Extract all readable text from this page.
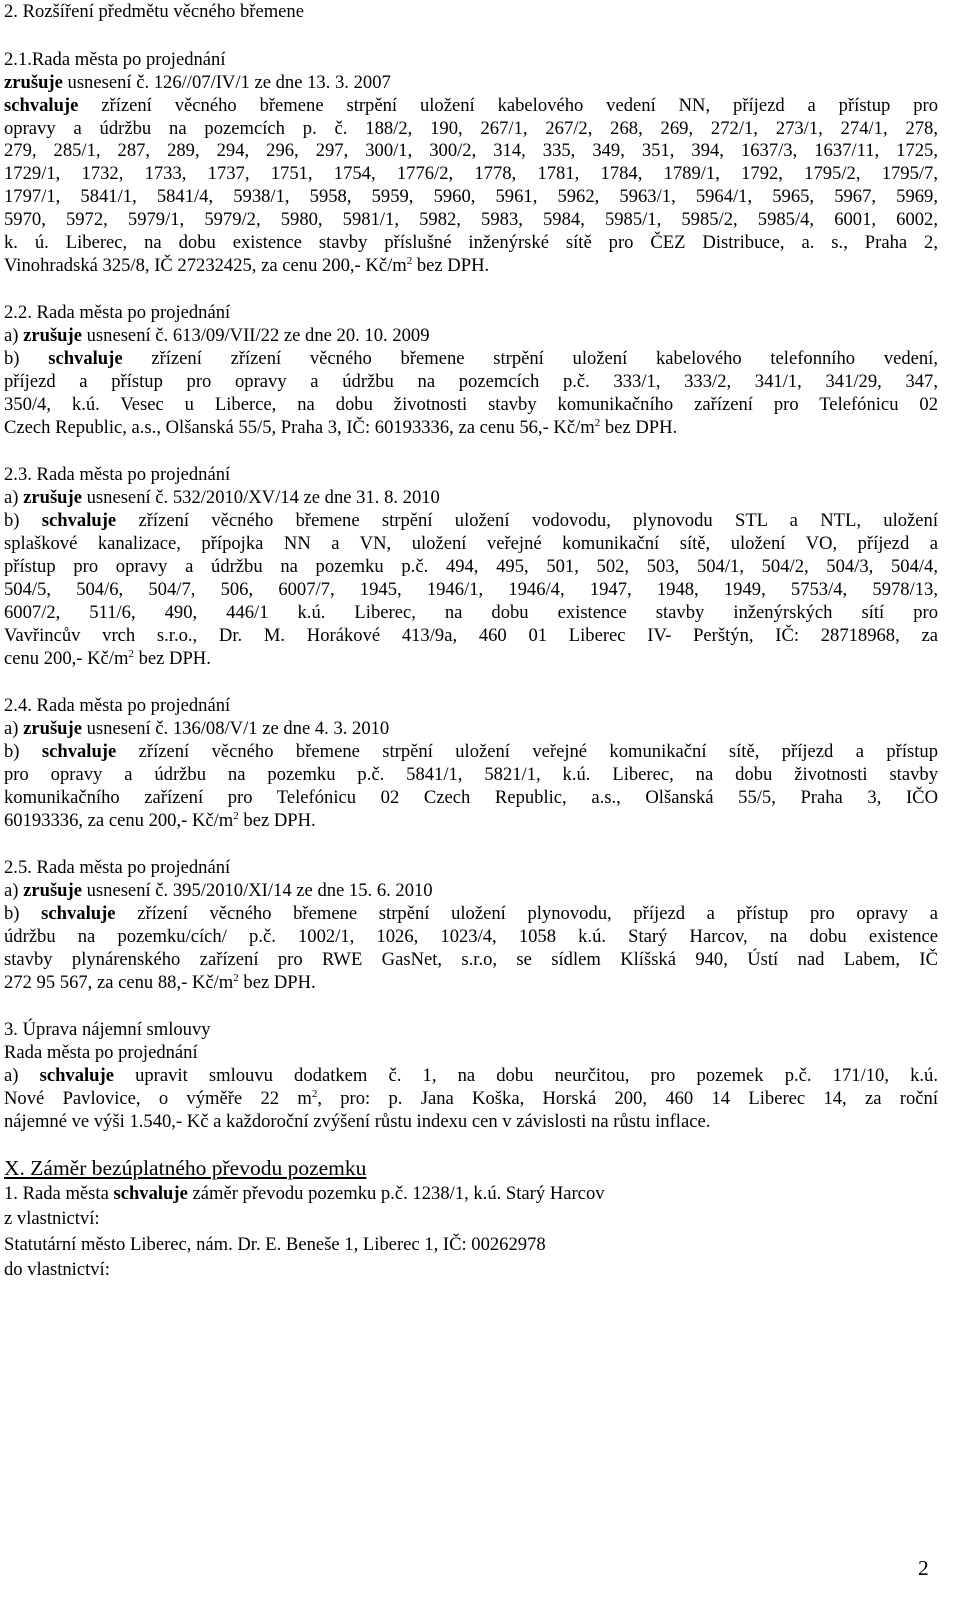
2. Rozšíření předmětu věcného břemene
2.1.Rada města po projednání
zrušuje usnesení č. 126//07/IV/1 ze dne 13. 3. 2007
schvaluje zřízení věcného břemene strpění uložení kabelového vedení NN, příjezd a přístup pro
opravy a údržbu na pozemcích p. č. 188/2, 190, 267/1, 267/2, 268, 269, 272/1, 273/1, 274/1, 278,
279, 285/1, 287, 289, 294, 296, 297, 300/1, 300/2, 314, 335, 349, 351, 394, 1637/3, 1637/11, 1725,
1729/1, 1732, 1733, 1737, 1751, 1754, 1776/2, 1778, 1781, 1784, 1789/1, 1792, 1795/2, 1795/7,
1797/1, 5841/1, 5841/4, 5938/1, 5958, 5959, 5960, 5961, 5962, 5963/1, 5964/1, 5965, 5967, 5969,
5970, 5972, 5979/1, 5979/2, 5980, 5981/1, 5982, 5983, 5984, 5985/1, 5985/2, 5985/4, 6001, 6002,
k. ú. Liberec, na dobu existence stavby příslušné inženýrské sítě pro ČEZ Distribuce, a. s., Praha 2,
Vinohradská 325/8, IČ 27232425, za cenu 200,- $Kč/m^2$ bez DPH.
2.2. Rada města po projednání
a) zrušuje usnesení č. 613/09/VII/22 ze dne 20. 10. 2009
b) schvaluje zřízení zřízení věcného břemene strpění uložení kabelového telefonního vedení,
příjezd a přístup pro opravy a údržbu na pozemcích p.č. 333/1, 333/2, 341/1, 341/29, 347,
350/4, k.ú. Vesec u Liberce, na dobu životnosti stavby komunikačního zařízení pro Telefónicu 02
Czech Republic, a.s., Olšanská 55/5, Praha 3, IČ: 60193336, za cenu 56,- $Kč/m^2$ bez DPH.
2.3. Rada města po projednání
a) zrušuje usnesení č. 532/2010/XV/14 ze dne 31. 8. 2010
b) schvaluje zřízení věcného břemene strpění uložení vodovodu, plynovodu STL a NTL, uložení
splaškové kanalizace, přípojka NN a VN, uložení veřejné komunikační sítě, uložení VO, příjezd a
přístup pro opravy a údržbu na pozemku p.č. 494, 495, 501, 502, 503, 504/1, 504/2, 504/3, 504/4,
504/5, 504/6, 504/7, 506, 6007/7, 1945, 1946/1, 1946/4, 1947, 1948, 1949, 5753/4, 5978/13,
6007/2, 511/6, 490, 446/1 k.ú. Liberec, na dobu existence stavby inženýrských sítí pro
Vavřincův vrch s.r.o., Dr. M. Horákové 413/9a, 460 01 Liberec IV- Perštýn, IČ: 28718968, za
cenu 200,- $Kč/m^2$ bez DPH.
2.4. Rada města po projednání
a) zrušuje usnesení č. 136/08/V/1 ze dne 4. 3. 2010
b) schvaluje zřízení věcného břemene strpění uložení veřejné komunikační sítě, příjezd a přístup
pro opravy a údržbu na pozemku p.č. 5841/1, 5821/1, k.ú. Liberec, na dobu životnosti stavby
komunikačního zařízení pro Telefónicu 02 Czech Republic, a.s., Olšanská 55/5, Praha 3, IČO
60193336, za cenu 200,- $Kč/m^2$ bez DPH.
2.5. Rada města po projednání
a) zrušuje usnesení č. 395/2010/XI/14 ze dne 15. 6. 2010
b) schvaluje zřízení věcného břemene strpění uložení plynovodu, příjezd a přístup pro opravy a
údržbu na pozemku/cích/ p.č. 1002/1, 1026, 1023/4, 1058 k.ú. Starý Harcov, na dobu existence
stavby plynárenského zařízení pro RWE GasNet, s.r.o, se sídlem Klíšská 940, Ústí nad Labem, IČ
272 95 567, za cenu 88,- $Kč/m^2$ bez DPH.
3. Úprava nájemní smlouvy
Rada města po projednání
a) schvaluje upravit smlouvu dodatkem č. 1, na dobu neurčitou, pro pozemek p.č. 171/10, k.ú.
Nové Pavlovice, o výměře 22 $m^2$, pro: p. Jana Koška, Horská 200, 460 14 Liberec 14, za roční
nájemné ve výši 1.540,- Kč a každoroční zvýšení růstu indexu cen v závislosti na růstu inflace.
X. Záměr bezúplatného převodu pozemku
1. Rada města schvaluje záměr převodu pozemku p.č. 1238/1, k.ú. Starý Harcov
z vlastnictví:
Statutární město Liberec, nám. Dr. E. Beneše 1, Liberec 1, IČ: 00262978
do vlastnictví:
2
